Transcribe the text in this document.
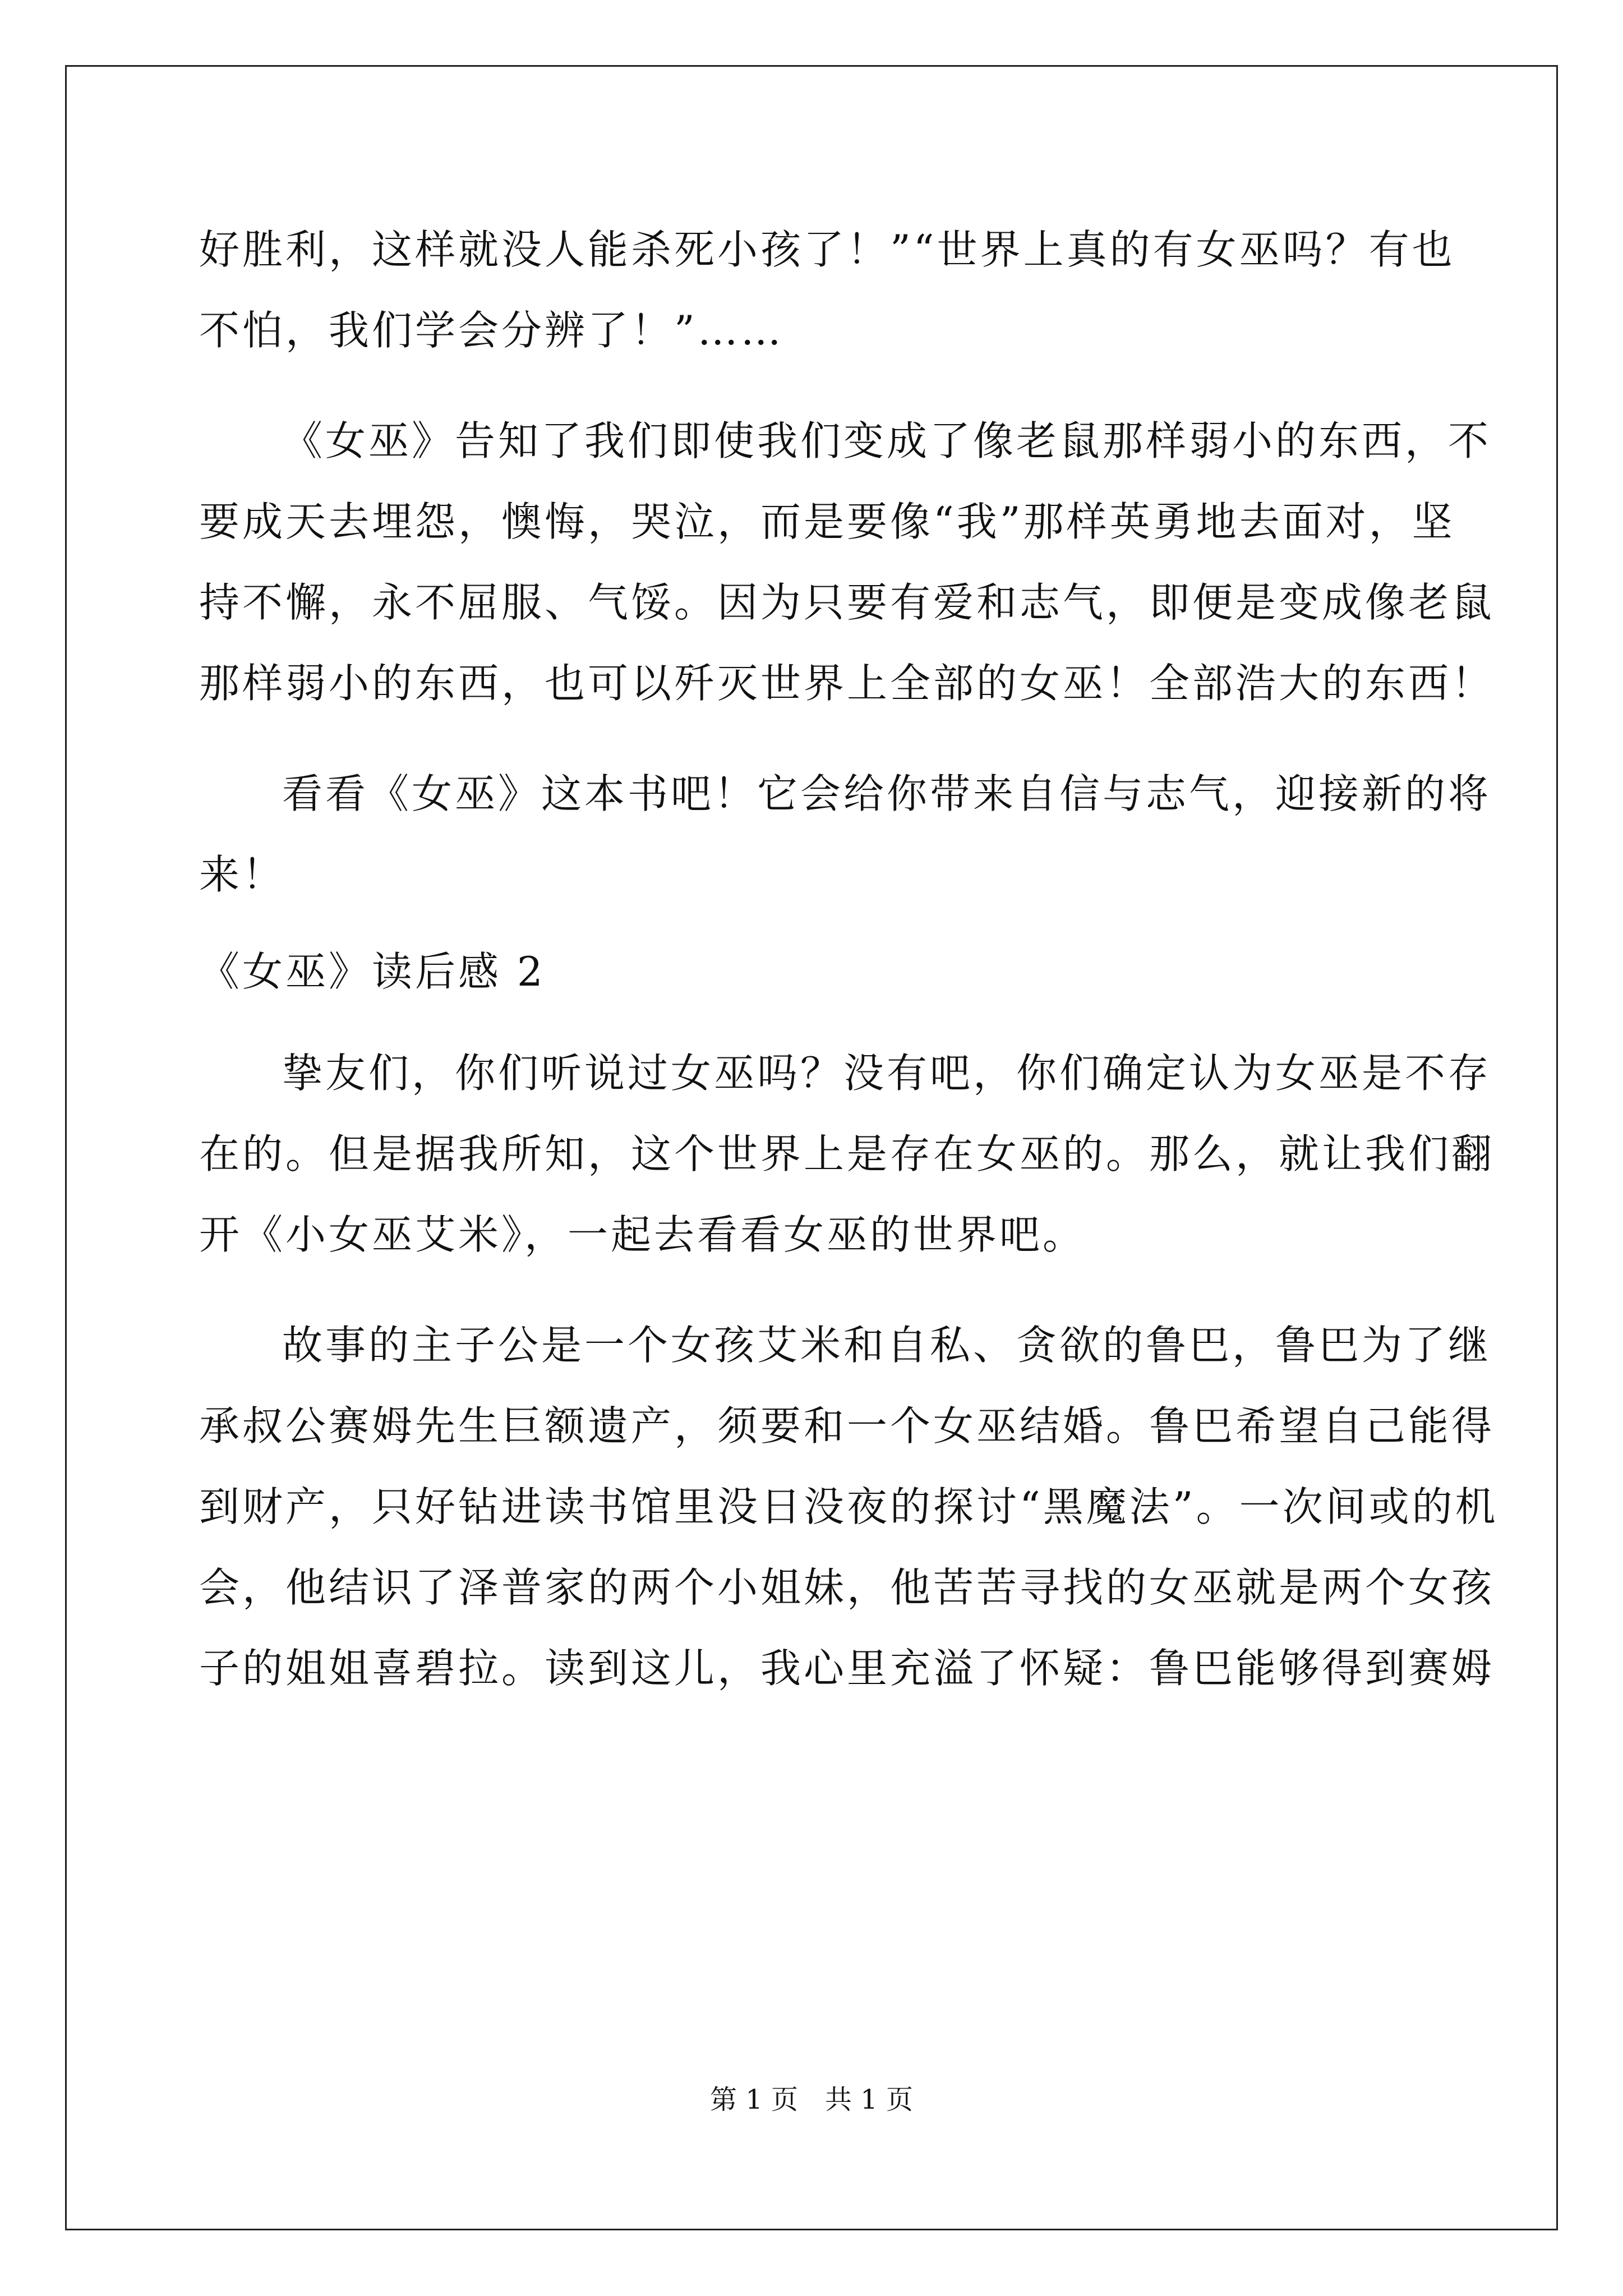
好胜利，这样就没人能杀死小孩了！”“世界上真的有女巫吗？有也
不怕，我们学会分辨了！”……
《女巫》告知了我们即使我们变成了像老鼠那样弱小的东西，不
要成天去埋怨，懊悔，哭泣，而是要像“我”那样英勇地去面对，坚
持不懈，永不屈服、气馁。因为只要有爱和志气，即便是变成像老鼠
那样弱小的东西，也可以歼灭世界上全部的女巫！全部浩大的东西！
看看《女巫》这本书吧！它会给你带来自信与志气，迎接新的将
来！
《女巫》读后感 2
挚友们，你们听说过女巫吗？没有吧，你们确定认为女巫是不存
在的。但是据我所知，这个世界上是存在女巫的。那么，就让我们翻
开《小女巫艾米》，一起去看看女巫的世界吧。
故事的主子公是一个女孩艾米和自私、贪欲的鲁巴，鲁巴为了继
承叔公赛姆先生巨额遗产，须要和一个女巫结婚。鲁巴希望自己能得
到财产，只好钻进读书馆里没日没夜的探讨“黑魔法”。一次间或的机
会，他结识了泽普家的两个小姐妹，他苦苦寻找的女巫就是两个女孩
子的姐姐喜碧拉。读到这儿，我心里充溢了怀疑：鲁巴能够得到赛姆
第 1 页　共 1 页
